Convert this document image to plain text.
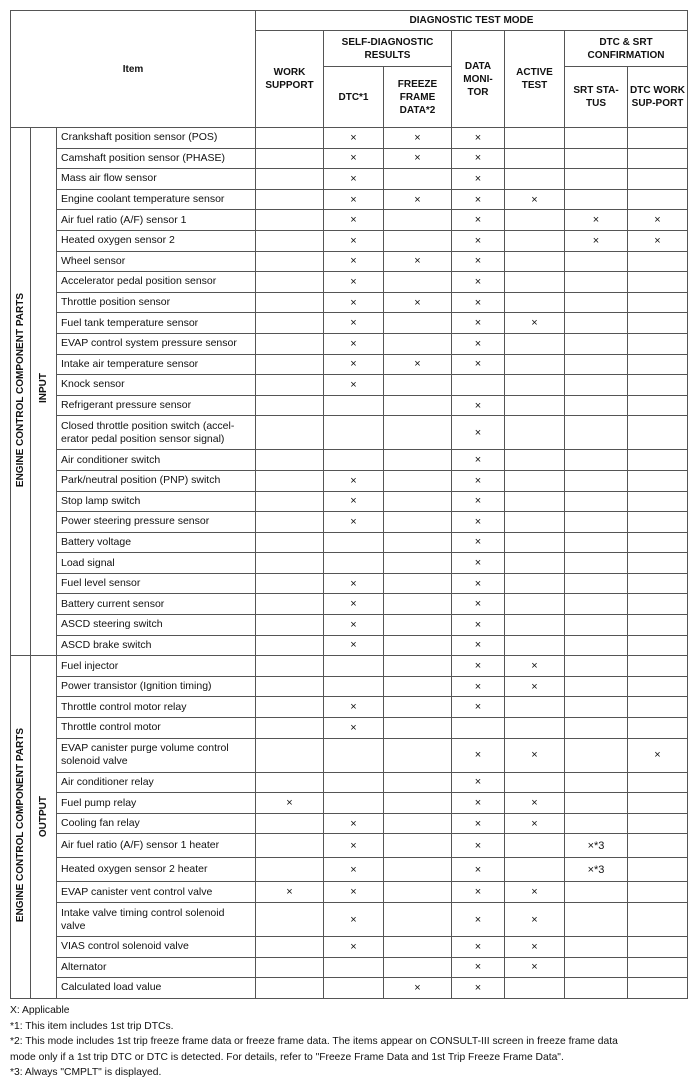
Item			DIAGNOSTIC TEST MODE						
			WORK SUPPORT	SELF-DIAGNOSTIC RESULTS		DATA MONI-TOR	ACTIVE TEST	DTC & SRT CONFIRMATION	
				DTC*1	FREEZE FRAME DATA*2			SRT STA-TUS	DTC WORK SUP-PORT
ENGINE CONTROL COMPONENT PARTS	INPUT	Crankshaft position sensor (POS)		×	×	×			
		Camshaft position sensor (PHASE)		×	×	×			
		Mass air flow sensor		×		×			
		Engine coolant temperature sensor		×	×	×	×		
		Air fuel ratio (A/F) sensor 1		×		×		×	×
		Heated oxygen sensor 2		×		×		×	×
		Wheel sensor		×	×	×			
		Accelerator pedal position sensor		×		×			
		Throttle position sensor		×	×	×			
		Fuel tank temperature sensor		×		×	×		
		EVAP control system pressure sensor		×		×			
		Intake air temperature sensor		×	×	×			
		Knock sensor		×					
		Refrigerant pressure sensor				×			
		Closed throttle position switch (accel-erator pedal position sensor signal)				×			
		Air conditioner switch				×			
		Park/neutral position (PNP) switch		×		×			
		Stop lamp switch		×		×			
		Power steering pressure sensor		×		×			
		Battery voltage				×			
		Load signal				×			
		Fuel level sensor		×		×			
		Battery current sensor		×		×			
		ASCD steering switch		×		×			
		ASCD brake switch		×		×			
ENGINE CONTROL COMPONENT PARTS	OUTPUT	Fuel injector				×	×		
		Power transistor (Ignition timing)				×	×		
		Throttle control motor relay		×		×			
		Throttle control motor		×					
		EVAP canister purge volume control solenoid valve				×	×		×
		Air conditioner relay				×			
		Fuel pump relay	×			×	×		
		Cooling fan relay		×		×	×		
		Air fuel ratio (A/F) sensor 1 heater		×		×		×*3	
		Heated oxygen sensor 2 heater		×		×		×*3	
		EVAP canister vent control valve	×	×		×	×		
		Intake valve timing control solenoid valve		×		×	×		
		VIAS control solenoid valve		×		×	×		
		Alternator				×	×		
		Calculated load value			×	×			
X: Applicable
*1: This item includes 1st trip DTCs.
*2: This mode includes 1st trip freeze frame data or freeze frame data. The items appear on CONSULT-III screen in freeze frame data
mode only if a 1st trip DTC or DTC is detected. For details, refer to "Freeze Frame Data and 1st Trip Freeze Frame Data".
*3: Always "CMPLT" is displayed.
